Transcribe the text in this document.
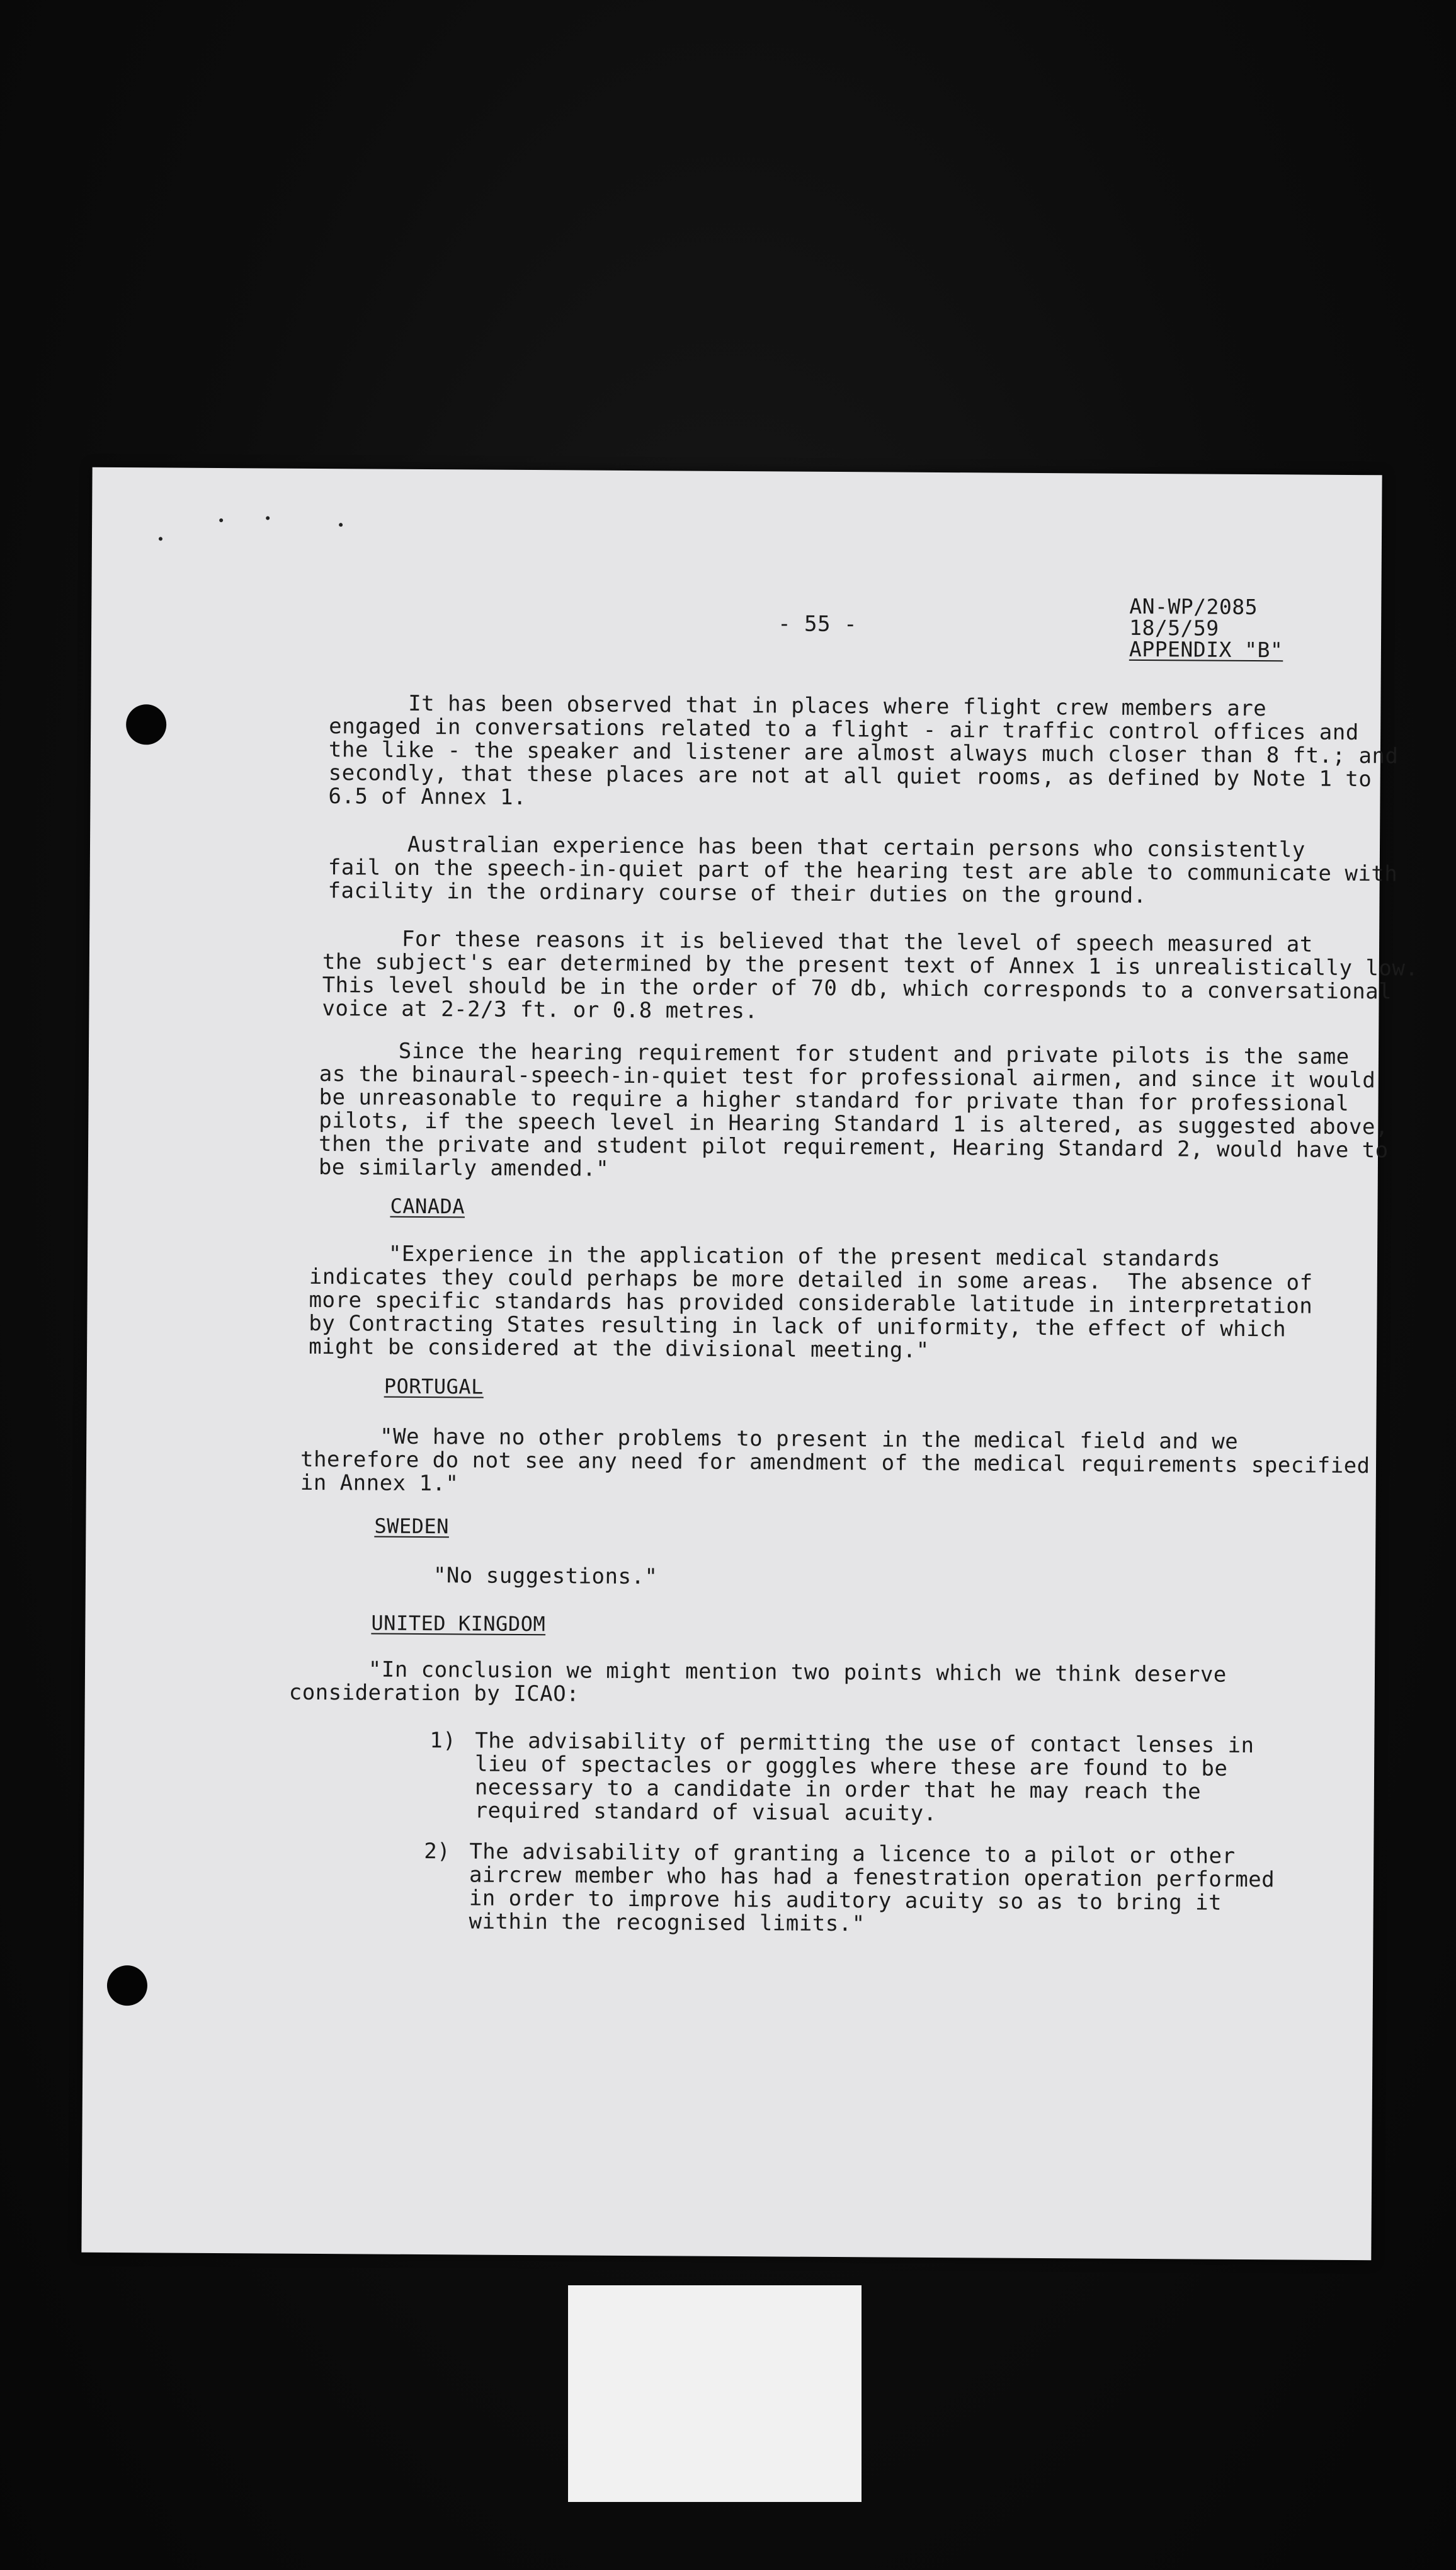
- 55 -

AN-WP/2085
18/5/59
APPENDIX "B"

It has been observed that in places where flight crew members are
engaged in conversations related to a flight - air traffic control offices and
the like - the speaker and listener are almost always much closer than 8 ft.; and
secondly, that these places are not at all quiet rooms, as defined by Note 1 to
6.5 of Annex 1.

Australian experience has been that certain persons who consistently
fail on the speech-in-quiet part of the hearing test are able to communicate with
facility in the ordinary course of their duties on the ground.

For these reasons it is believed that the level of speech measured at
the subject's ear determined by the present text of Annex 1 is unrealistically low.
This level should be in the order of 70 db, which corresponds to a conversational
voice at 2-2/3 ft. or 0.8 metres.

Since the hearing requirement for student and private pilots is the same
as the binaural-speech-in-quiet test for professional airmen, and since it would
be unreasonable to require a higher standard for private than for professional
pilots, if the speech level in Hearing Standard 1 is altered, as suggested above,
then the private and student pilot requirement, Hearing Standard 2, would have to
be similarly amended."

CANADA

"Experience in the application of the present medical standards
indicates they could perhaps be more detailed in some areas.  The absence of
more specific standards has provided considerable latitude in interpretation
by Contracting States resulting in lack of uniformity, the effect of which
might be considered at the divisional meeting."

PORTUGAL

"We have no other problems to present in the medical field and we
therefore do not see any need for amendment of the medical requirements specified
in Annex 1."

SWEDEN

"No suggestions."

UNITED KINGDOM

"In conclusion we might mention two points which we think deserve
consideration by ICAO:

1) The advisability of permitting the use of contact lenses in
lieu of spectacles or goggles where these are found to be
necessary to a candidate in order that he may reach the
required standard of visual acuity.

2) The advisability of granting a licence to a pilot or other
aircrew member who has had a fenestration operation performed
in order to improve his auditory acuity so as to bring it
within the recognised limits."
